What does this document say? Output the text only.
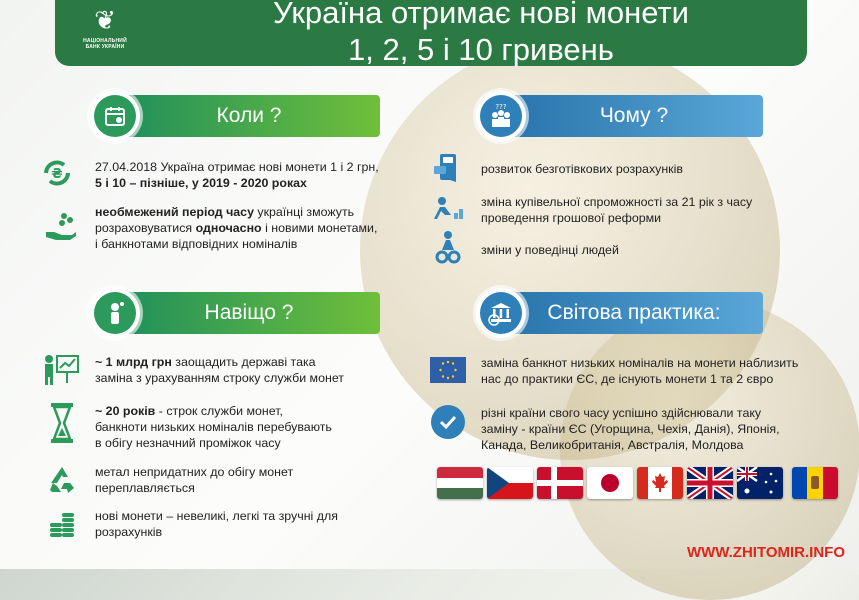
❦
НАЦІОНАЛЬНИЙ БАНК УКРАЇНИ
Україна отримає нові монети
1, 2, 5 і 10 гривень
Коли ?
₴	27.04.2018 Україна отримає нові монети 1 і 2 грн,
5 і 10 – пізніше, у 2019 - 2020 роках
необмежений період часу українці зможуть
розраховуватися одночасно і новими монетами,
і банкнотами відповідних номіналів
Чому ?
???
розвиток безготівкових розрахунків
зміна купівельної спроможності за 21 рік з часу
проведення грошової реформи
зміни у поведінці людей
Навіщо ?
~ 1 млрд грн заощадить державі така
заміна з урахуванням строку служби монет
~ 20 років - строк служби монет,
банкноти низьких номіналів перебувають
в обігу незначний проміжок часу
метал непридатних до обігу монет
переплавляється
нові монети – невеликі, легкі та зручні для
розрахунків
Світова практика:
заміна банкнот низьких номіналів на монети наблизить
нас до практики ЄС, де існують монети 1 та 2 євро
різні країни свого часу успішно здійснювали таку
заміну - країни ЄС (Угорщина, Чехія, Данія), Японія,
Канада, Великобританія, Австралія, Молдова
WWW.ZHITOMIR.INFO
